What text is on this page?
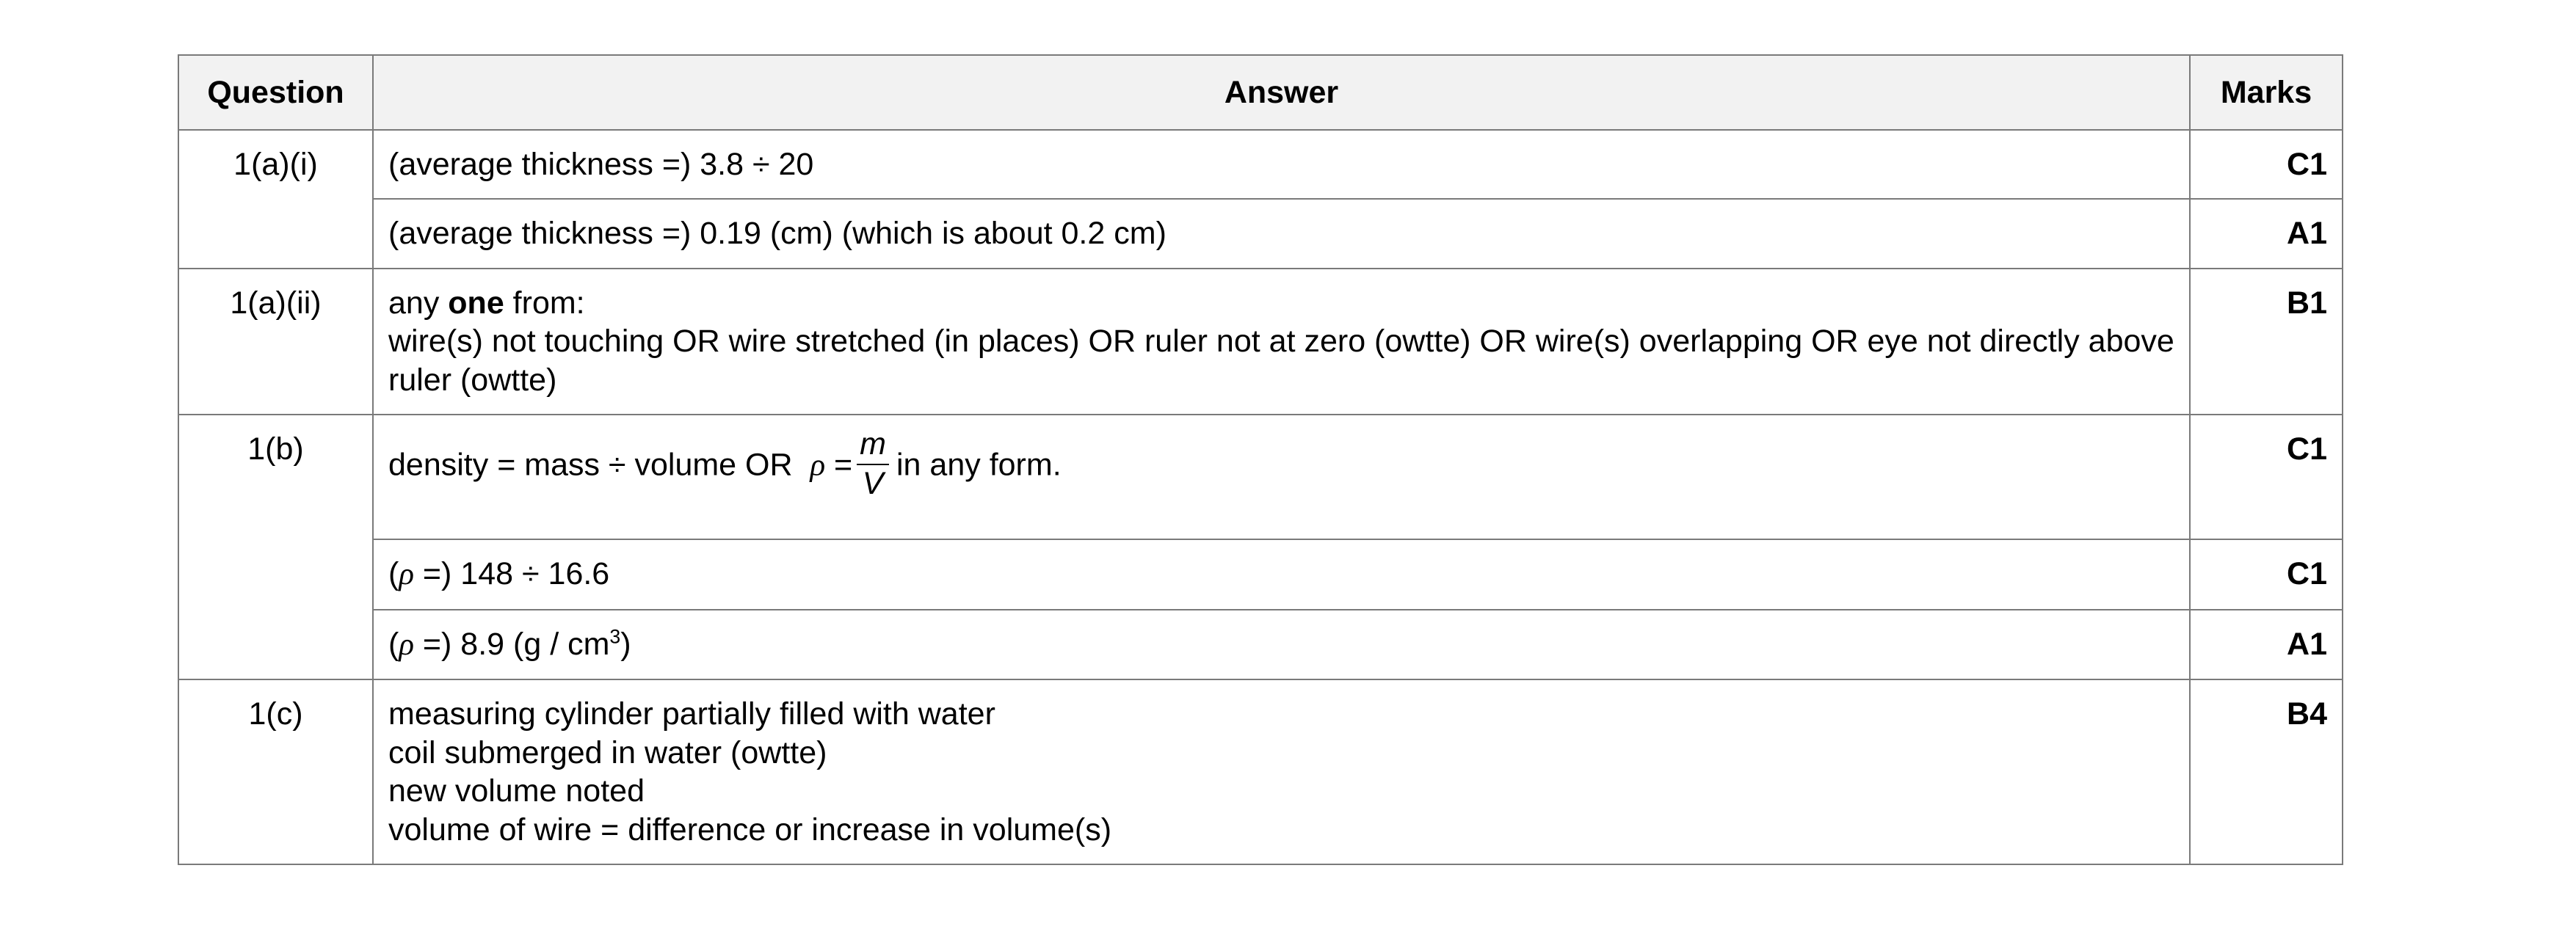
Question	Answer	Marks
1(a)(i)	(average thickness =) 3.8 ÷ 20	C1

	(average thickness =) 0.19 (cm) (which is about 0.2 cm)	A1
1(a)(ii)	any one from:
wire(s) not touching OR wire stretched (in places) OR ruler not at zero (owtte) OR wire(s) overlapping OR eye not directly above ruler (owtte)	B1
1(b)	density = mass ÷ volume OR $\rho = \frac{m}{V}$ in any form.	C1

	(ρ =) 148 ÷ 16.6	C1

	(ρ =) 8.9 $(g / cm^3)$	A1
1(c)	measuring cylinder partially filled with water
coil submerged in water (owtte)
new volume noted
volume of wire = difference or increase in volume(s)	B4
